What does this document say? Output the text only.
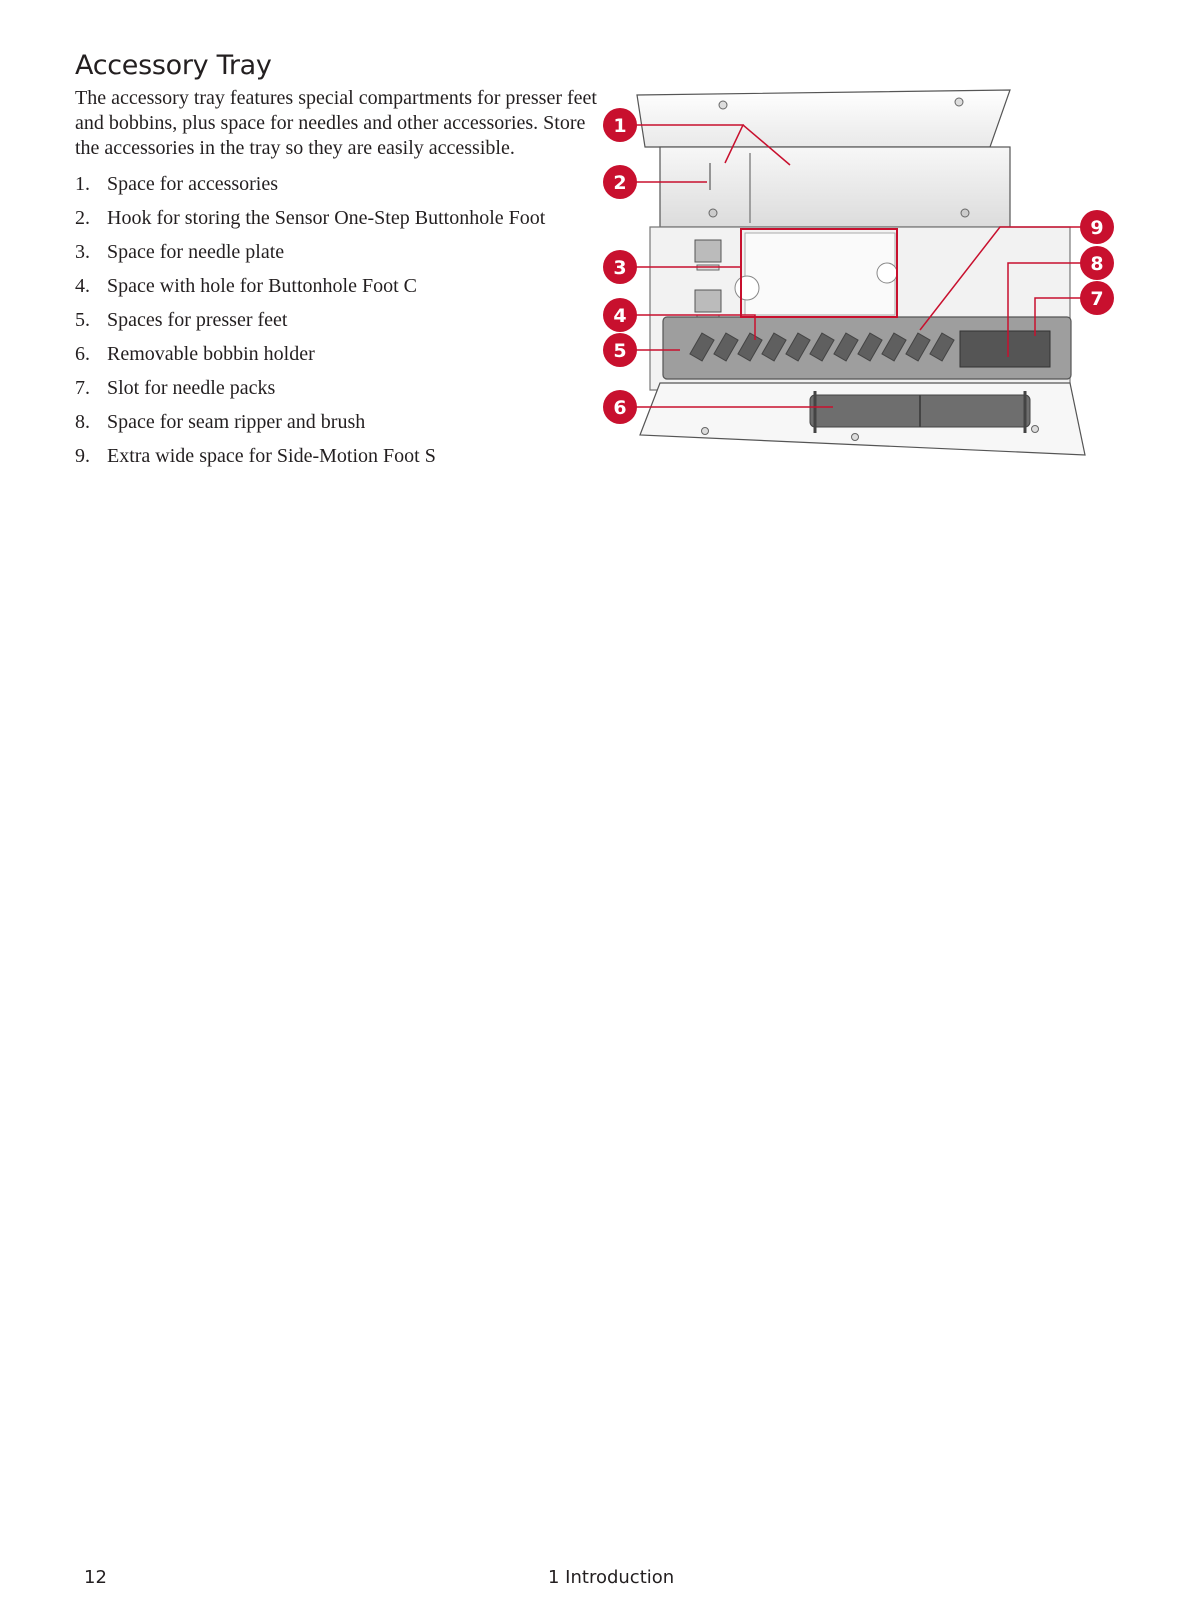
Accessory Tray

The accessory tray features special compartments for presser feet and bobbins, plus space for needles and other accessories. Store the accessories in the tray so they are easily accessible.

1. Space for accessories
2. Hook for storing the Sensor One-Step Buttonhole Foot
3. Space for needle plate
4. Space with hole for Buttonhole Foot C
5. Spaces for presser feet
6. Removable bobbin holder
7. Slot for needle packs
8. Space for seam ripper and brush
9. Extra wide space for Side-Motion Foot S
1
2
3
4
5
6
7
8
9
12	1 Introduction
